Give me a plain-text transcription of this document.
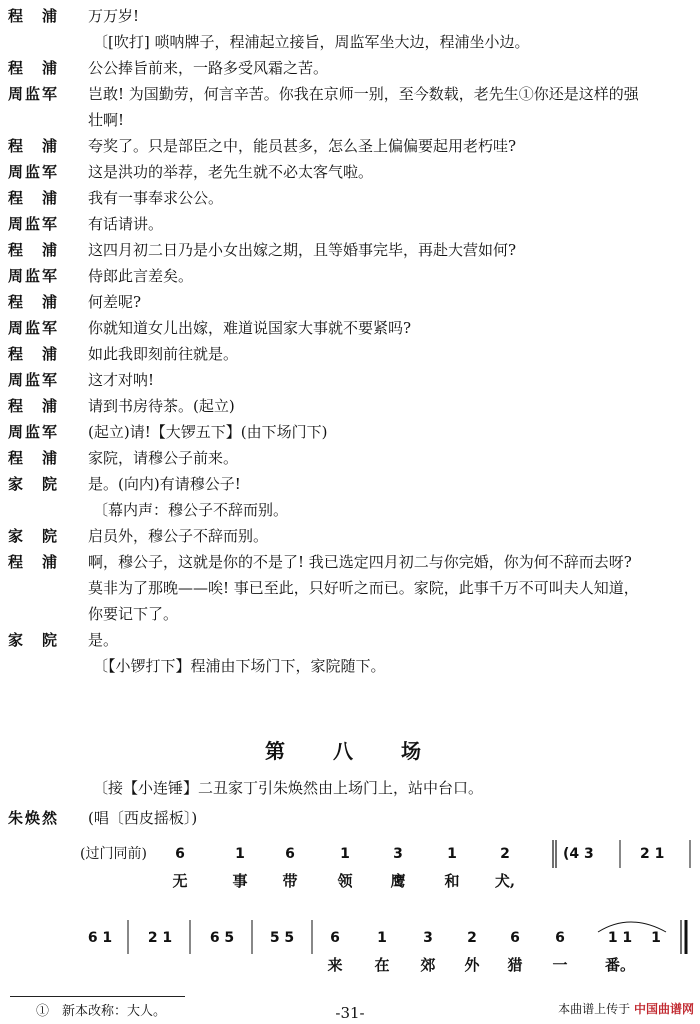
程　浦	万万岁!
〔[吹打] 唢呐牌子，程浦起立接旨，周监军坐大边，程浦坐小边。
程　浦	公公捧旨前来，一路多受风霜之苦。
周监军	岂敢! 为国勤劳，何言辛苦。你我在京师一别，至今数载，老先生①你还是这样的强
壮啊!
程　浦	夸奖了。只是部臣之中，能员甚多，怎么圣上偏偏要起用老朽哇?
周监军	这是洪功的举荐，老先生就不必太客气啦。
程　浦	我有一事奉求公公。
周监军	有话请讲。
程　浦	这四月初二日乃是小女出嫁之期，且等婚事完毕，再赴大营如何?
周监军	侍郎此言差矣。
程　浦	何差呢?
周监军	你就知道女儿出嫁，难道说国家大事就不要紧吗?
程　浦	如此我即刻前往就是。
周监军	这才对呐!
程　浦	请到书房待茶。(起立)
周监军	(起立)请!【大锣五下】(由下场门下)
程　浦	家院，请穆公子前来。
家　院	是。(向内)有请穆公子!
〔幕内声：穆公子不辞而别。
家　院	启员外，穆公子不辞而别。
程　浦	啊，穆公子，这就是你的不是了! 我已选定四月初二与你完婚，你为何不辞而去呀?
莫非为了那晚——唉! 事已至此，只好听之而已。家院，此事千万不可叫夫人知道，
你要记下了。
家　院	是。
〔【小锣打下】程浦由下场门下，家院随下。
第　八　场
〔接【小连锤】二丑家丁引朱焕然由上场门上，站中台口。
朱焕然	(唱〔西皮摇板〕)
(过门同前) 6	1	6	1	3	1	2
无	事 带	领	鹰	和 犬,
(4 3	2 1
6 1	2 1	6 5	5 5	6	1	3 2 6	6	1 1 1
来 在 郊 外 猎 一 番。
①　新本改称：大人。	-31-	本曲谱上传于 中国曲谱网
